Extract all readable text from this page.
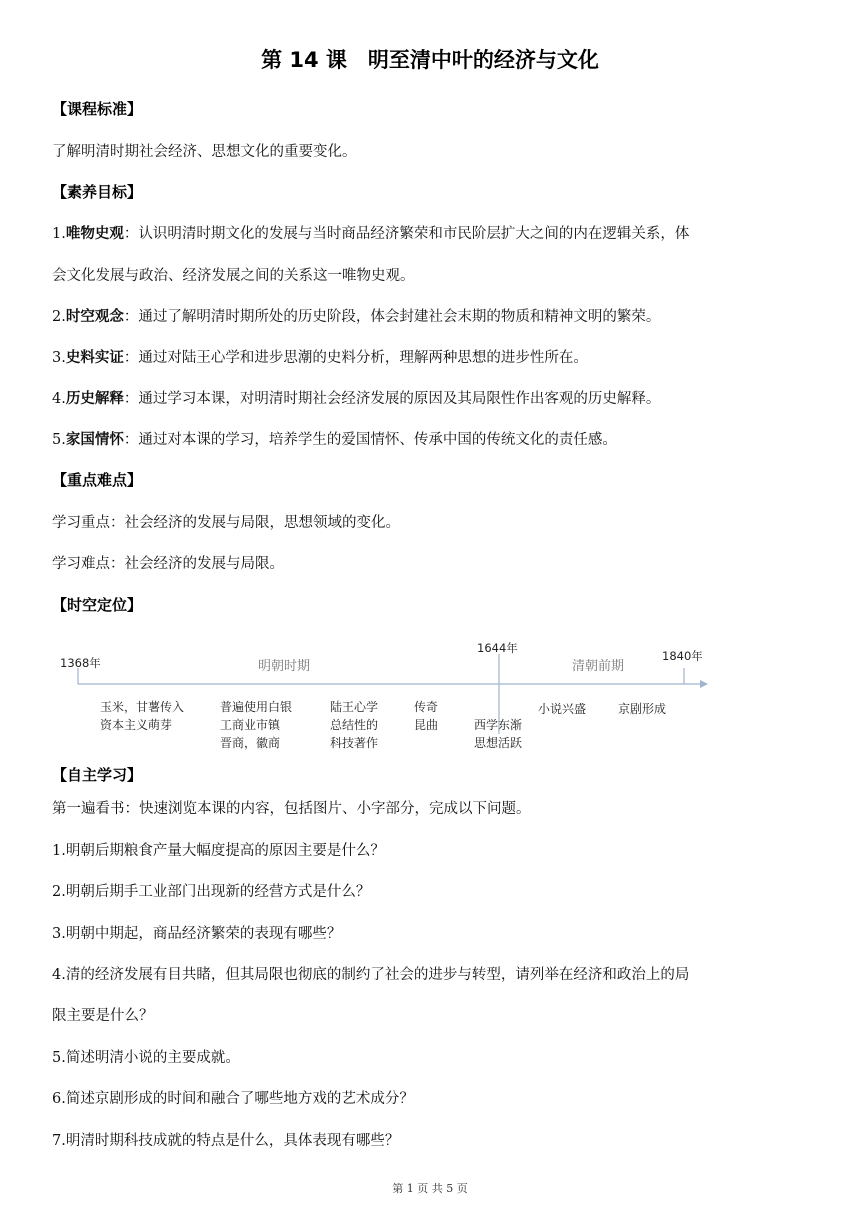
第 14 课　明至清中叶的经济与文化
【课程标准】
了解明清时期社会经济、思想文化的重要变化。
【素养目标】
1.唯物史观：认识明清时期文化的发展与当时商品经济繁荣和市民阶层扩大之间的内在逻辑关系，体
会文化发展与政治、经济发展之间的关系这一唯物史观。
2.时空观念：通过了解明清时期所处的历史阶段，体会封建社会末期的物质和精神文明的繁荣。
3.史料实证：通过对陆王心学和进步思潮的史料分析，理解两种思想的进步性所在。
4.历史解释：通过学习本课，对明清时期社会经济发展的原因及其局限性作出客观的历史解释。
5.家国情怀：通过对本课的学习，培养学生的爱国情怀、传承中国的传统文化的责任感。
【重点难点】
学习重点：社会经济的发展与局限，思想领域的变化。
学习难点：社会经济的发展与局限。
【时空定位】
1368年
1644年
1840年
明朝时期	清朝前期
玉米，甘薯传入
资本主义萌芽
普遍使用白银
工商业市镇
晋商，徽商
陆王心学
总结性的
科技著作
传奇
昆曲	西学东渐
思想活跃
小说兴盛	京剧形成
【自主学习】
第一遍看书：快速浏览本课的内容，包括图片、小字部分，完成以下问题。
1.明朝后期粮食产量大幅度提高的原因主要是什么？
2.明朝后期手工业部门出现新的经营方式是什么？
3.明朝中期起，商品经济繁荣的表现有哪些？
4.清的经济发展有目共睹，但其局限也彻底的制约了社会的进步与转型，请列举在经济和政治上的局
限主要是什么？
5.简述明清小说的主要成就。
6.简述京剧形成的时间和融合了哪些地方戏的艺术成分？
7.明清时期科技成就的特点是什么，具体表现有哪些？
第 1 页 共 5 页
